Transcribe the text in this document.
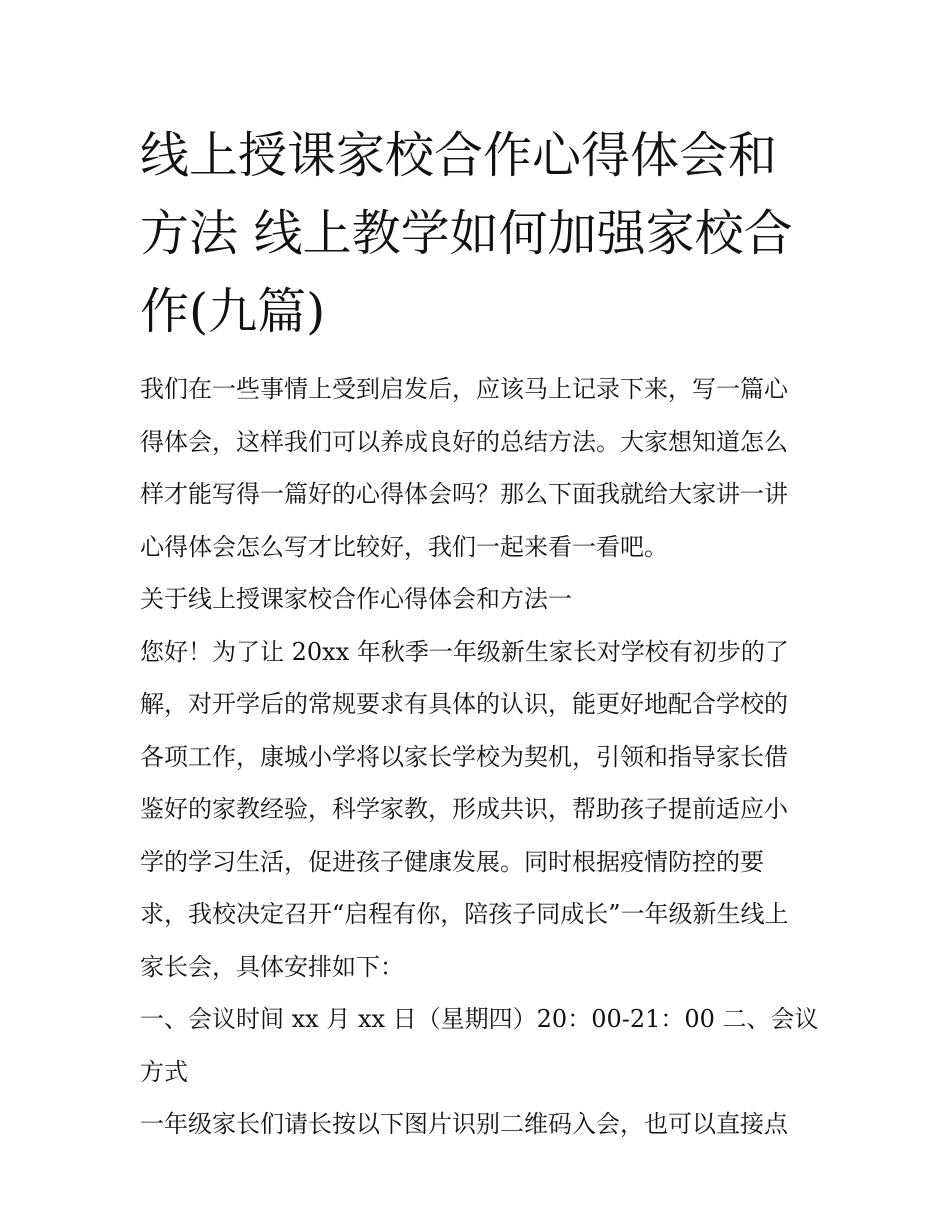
线上授课家校合作心得体会和
方法 线上教学如何加强家校合
作(九篇)
我们在一些事情上受到启发后，应该马上记录下来，写一篇心
得体会，这样我们可以养成良好的总结方法。大家想知道怎么
样才能写得一篇好的心得体会吗？那么下面我就给大家讲一讲
心得体会怎么写才比较好，我们一起来看一看吧。
关于线上授课家校合作心得体会和方法一
您好！为了让 20xx 年秋季一年级新生家长对学校有初步的了
解，对开学后的常规要求有具体的认识，能更好地配合学校的
各项工作，康城小学将以家长学校为契机，引领和指导家长借
鉴好的家教经验，科学家教，形成共识，帮助孩子提前适应小
学的学习生活，促进孩子健康发展。同时根据疫情防控的要
求，我校决定召开“启程有你，陪孩子同成长”一年级新生线上
家长会，具体安排如下：
一、会议时间 xx 月 xx 日（星期四）20：00-21：00 二、会议
方式
一年级家长们请长按以下图片识别二维码入会，也可以直接点
